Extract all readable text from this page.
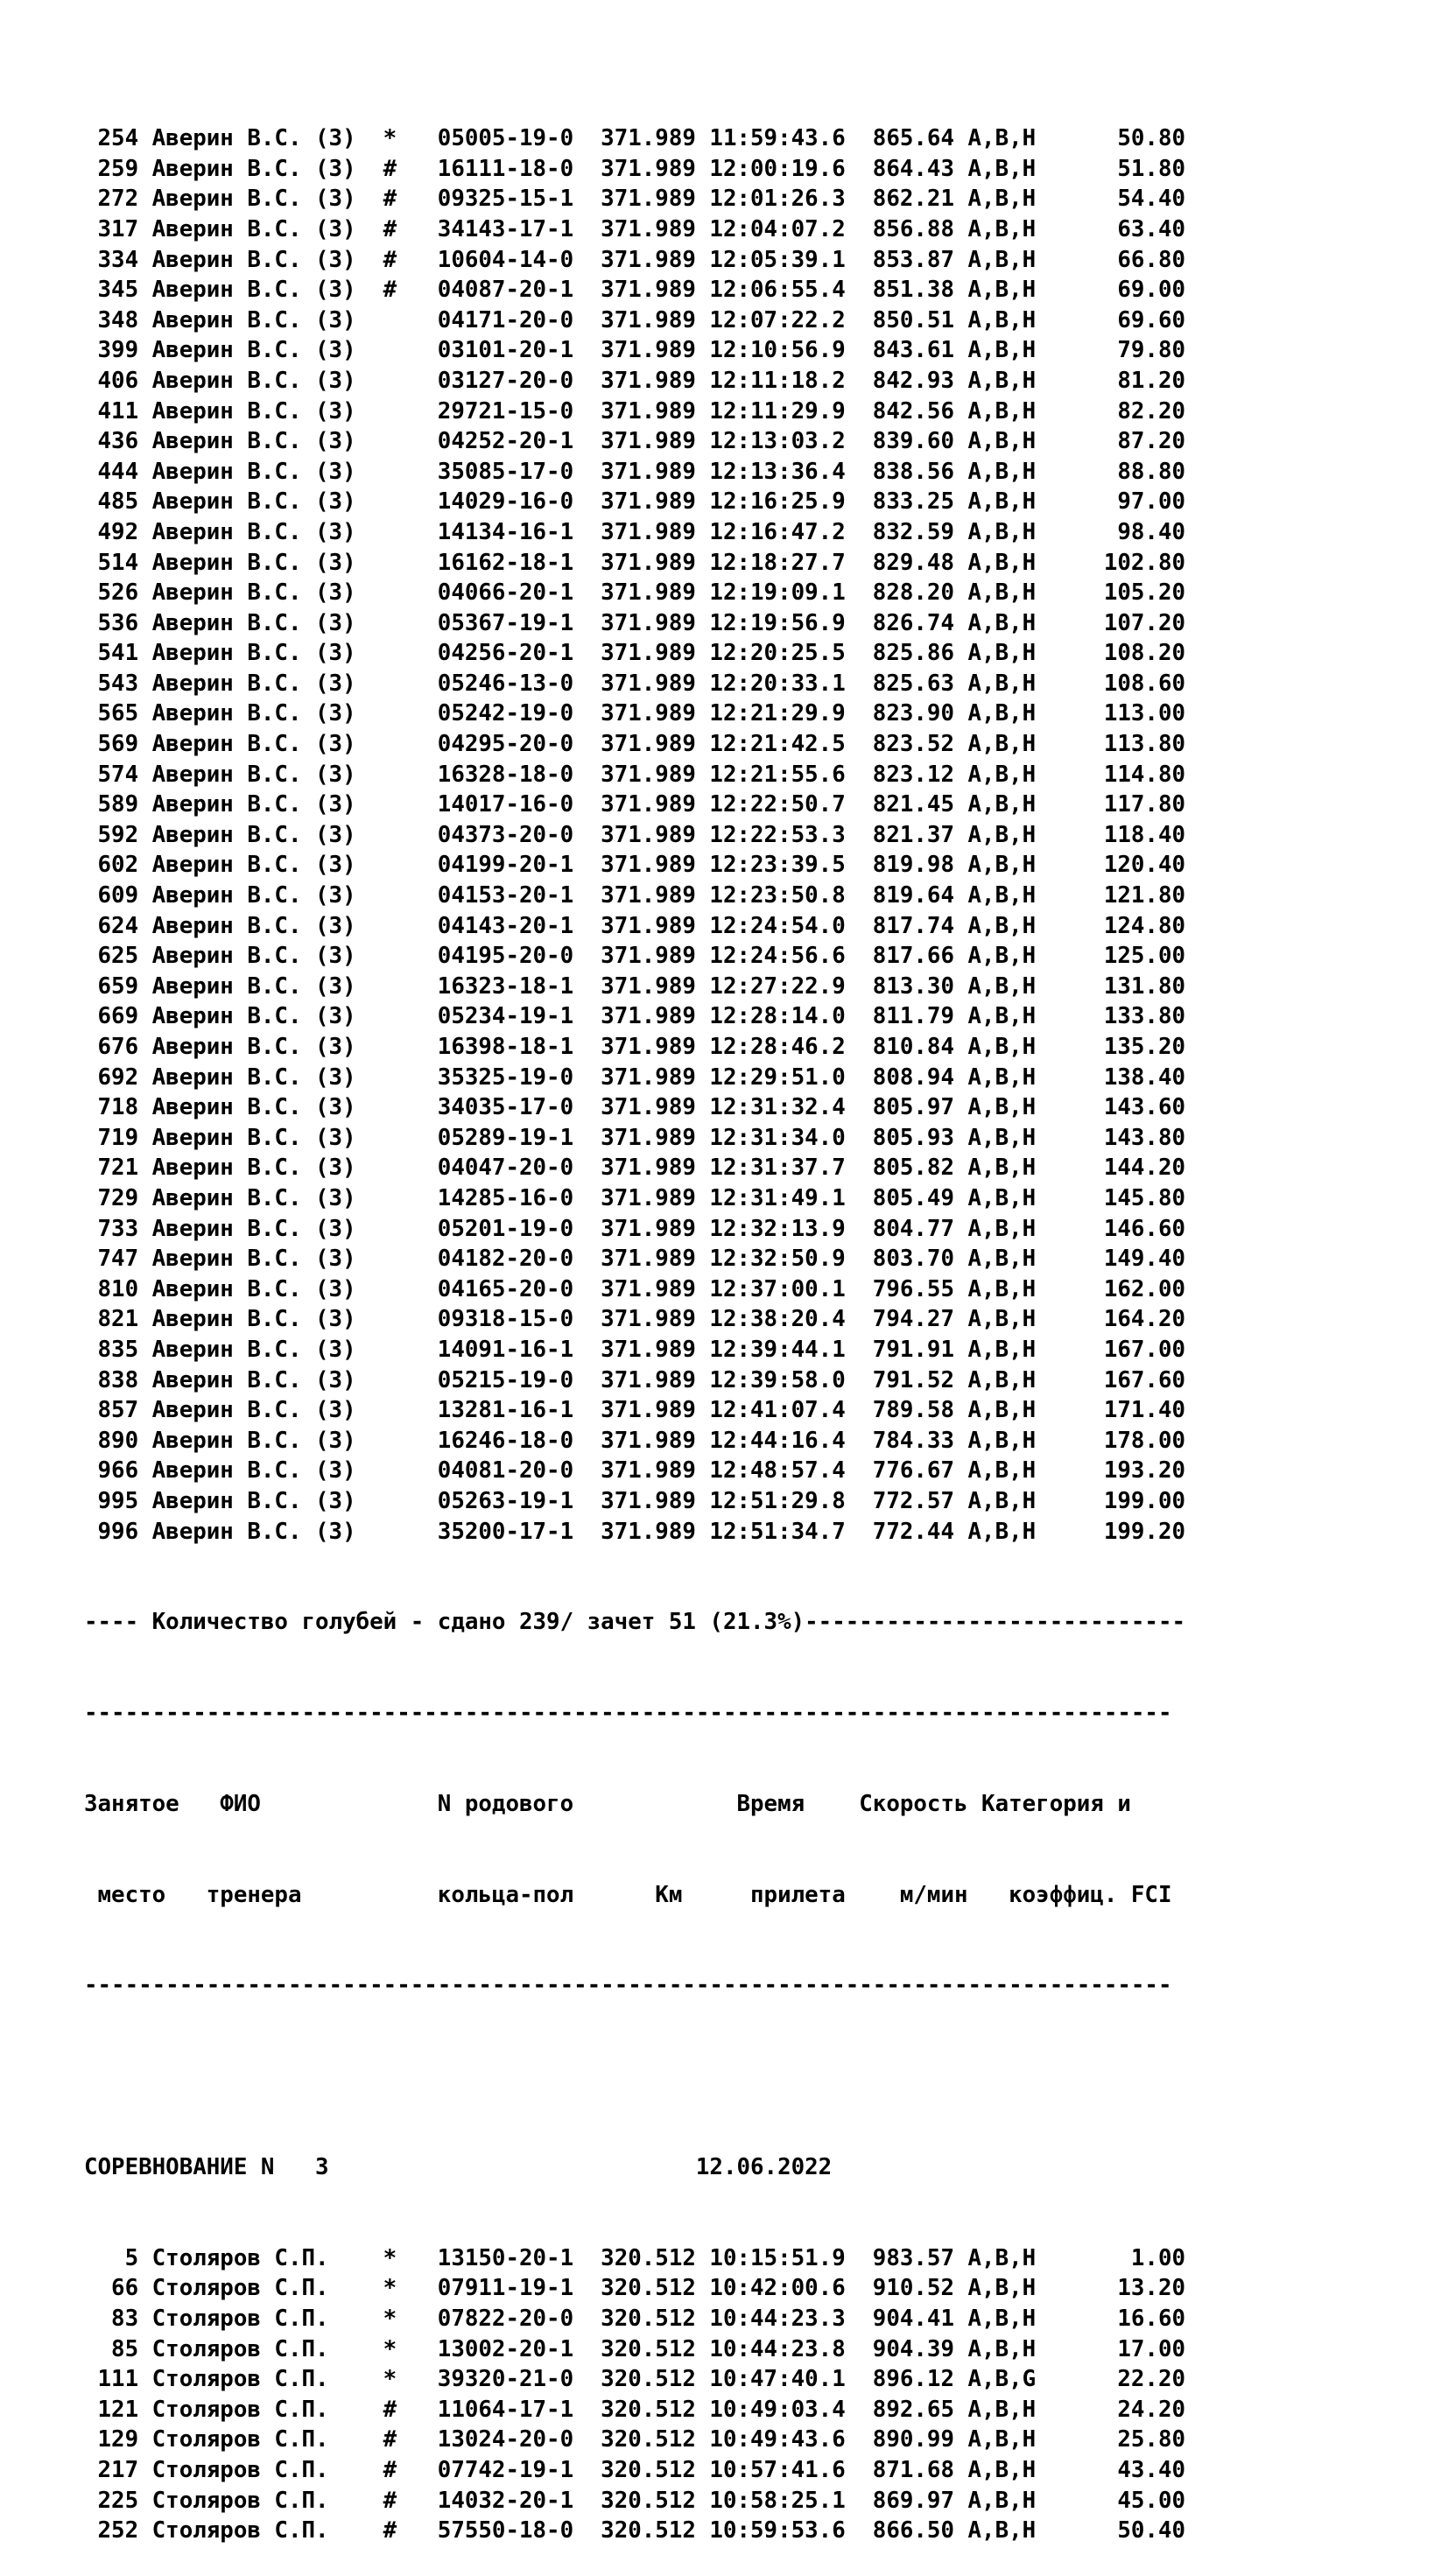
254 Аверин В.С. (З)  *   05005-19-0  371.989 11:59:43.6  865.64 A,B,H      50.80
259 Аверин В.С. (З)  #   16111-18-0  371.989 12:00:19.6  864.43 A,B,H      51.80
272 Аверин В.С. (З)  #   09325-15-1  371.989 12:01:26.3  862.21 A,B,H      54.40
317 Аверин В.С. (З)  #   34143-17-1  371.989 12:04:07.2  856.88 A,B,H      63.40
334 Аверин В.С. (З)  #   10604-14-0  371.989 12:05:39.1  853.87 A,B,H      66.80
345 Аверин В.С. (З)  #   04087-20-1  371.989 12:06:55.4  851.38 A,B,H      69.00
348 Аверин В.С. (З)      04171-20-0  371.989 12:07:22.2  850.51 A,B,H      69.60
399 Аверин В.С. (З)      03101-20-1  371.989 12:10:56.9  843.61 A,B,H      79.80
406 Аверин В.С. (З)      03127-20-0  371.989 12:11:18.2  842.93 A,B,H      81.20
411 Аверин В.С. (З)      29721-15-0  371.989 12:11:29.9  842.56 A,B,H      82.20
436 Аверин В.С. (З)      04252-20-1  371.989 12:13:03.2  839.60 A,B,H      87.20
444 Аверин В.С. (З)      35085-17-0  371.989 12:13:36.4  838.56 A,B,H      88.80
485 Аверин В.С. (З)      14029-16-0  371.989 12:16:25.9  833.25 A,B,H      97.00
492 Аверин В.С. (З)      14134-16-1  371.989 12:16:47.2  832.59 A,B,H      98.40
514 Аверин В.С. (З)      16162-18-1  371.989 12:18:27.7  829.48 A,B,H     102.80
526 Аверин В.С. (З)      04066-20-1  371.989 12:19:09.1  828.20 A,B,H     105.20
536 Аверин В.С. (З)      05367-19-1  371.989 12:19:56.9  826.74 A,B,H     107.20
541 Аверин В.С. (З)      04256-20-1  371.989 12:20:25.5  825.86 A,B,H     108.20
543 Аверин В.С. (З)      05246-13-0  371.989 12:20:33.1  825.63 A,B,H     108.60
565 Аверин В.С. (З)      05242-19-0  371.989 12:21:29.9  823.90 A,B,H     113.00
569 Аверин В.С. (З)      04295-20-0  371.989 12:21:42.5  823.52 A,B,H     113.80
574 Аверин В.С. (З)      16328-18-0  371.989 12:21:55.6  823.12 A,B,H     114.80
589 Аверин В.С. (З)      14017-16-0  371.989 12:22:50.7  821.45 A,B,H     117.80
592 Аверин В.С. (З)      04373-20-0  371.989 12:22:53.3  821.37 A,B,H     118.40
602 Аверин В.С. (З)      04199-20-1  371.989 12:23:39.5  819.98 A,B,H     120.40
609 Аверин В.С. (З)      04153-20-1  371.989 12:23:50.8  819.64 A,B,H     121.80
624 Аверин В.С. (З)      04143-20-1  371.989 12:24:54.0  817.74 A,B,H     124.80
625 Аверин В.С. (З)      04195-20-0  371.989 12:24:56.6  817.66 A,B,H     125.00
659 Аверин В.С. (З)      16323-18-1  371.989 12:27:22.9  813.30 A,B,H     131.80
669 Аверин В.С. (З)      05234-19-1  371.989 12:28:14.0  811.79 A,B,H     133.80
676 Аверин В.С. (З)      16398-18-1  371.989 12:28:46.2  810.84 A,B,H     135.20
692 Аверин В.С. (З)      35325-19-0  371.989 12:29:51.0  808.94 A,B,H     138.40
718 Аверин В.С. (З)      34035-17-0  371.989 12:31:32.4  805.97 A,B,H     143.60
719 Аверин В.С. (З)      05289-19-1  371.989 12:31:34.0  805.93 A,B,H     143.80
721 Аверин В.С. (З)      04047-20-0  371.989 12:31:37.7  805.82 A,B,H     144.20
729 Аверин В.С. (З)      14285-16-0  371.989 12:31:49.1  805.49 A,B,H     145.80
733 Аверин В.С. (З)      05201-19-0  371.989 12:32:13.9  804.77 A,B,H     146.60
747 Аверин В.С. (З)      04182-20-0  371.989 12:32:50.9  803.70 A,B,H     149.40
810 Аверин В.С. (З)      04165-20-0  371.989 12:37:00.1  796.55 A,B,H     162.00
821 Аверин В.С. (З)      09318-15-0  371.989 12:38:20.4  794.27 A,B,H     164.20
835 Аверин В.С. (З)      14091-16-1  371.989 12:39:44.1  791.91 A,B,H     167.00
838 Аверин В.С. (З)      05215-19-0  371.989 12:39:58.0  791.52 A,B,H     167.60
857 Аверин В.С. (З)      13281-16-1  371.989 12:41:07.4  789.58 A,B,H     171.40
890 Аверин В.С. (З)      16246-18-0  371.989 12:44:16.4  784.33 A,B,H     178.00
966 Аверин В.С. (З)      04081-20-0  371.989 12:48:57.4  776.67 A,B,H     193.20
995 Аверин В.С. (З)      05263-19-1  371.989 12:51:29.8  772.57 A,B,H     199.00
996 Аверин В.С. (З)      35200-17-1  371.989 12:51:34.7  772.44 A,B,H     199.20

---- Количество голубей - сдано 239/ зачет 51 (21.3%)----------------------------

--------------------------------------------------------------------------------

Занятое   ФИО             N родового            Время    Скорость Категория и

место   тренера          кольца-пол      Км     прилета    м/мин   коэффиц. FCI

--------------------------------------------------------------------------------

СОРЕВНОВАНИЕ N   3                           12.06.2022

5 Столяров С.П.    *   13150-20-1  320.512 10:15:51.9  983.57 A,B,H       1.00
66 Столяров С.П.    *   07911-19-1  320.512 10:42:00.6  910.52 A,B,H      13.20
83 Столяров С.П.    *   07822-20-0  320.512 10:44:23.3  904.41 A,B,H      16.60
85 Столяров С.П.    *   13002-20-1  320.512 10:44:23.8  904.39 A,B,H      17.00
111 Столяров С.П.    *   39320-21-0  320.512 10:47:40.1  896.12 A,B,G      22.20
121 Столяров С.П.    #   11064-17-1  320.512 10:49:03.4  892.65 A,B,H      24.20
129 Столяров С.П.    #   13024-20-0  320.512 10:49:43.6  890.99 A,B,H      25.80
217 Столяров С.П.    #   07742-19-1  320.512 10:57:41.6  871.68 A,B,H      43.40
225 Столяров С.П.    #   14032-20-1  320.512 10:58:25.1  869.97 A,B,H      45.00
252 Столяров С.П.    #   57550-18-0  320.512 10:59:53.6  866.50 A,B,H      50.40
